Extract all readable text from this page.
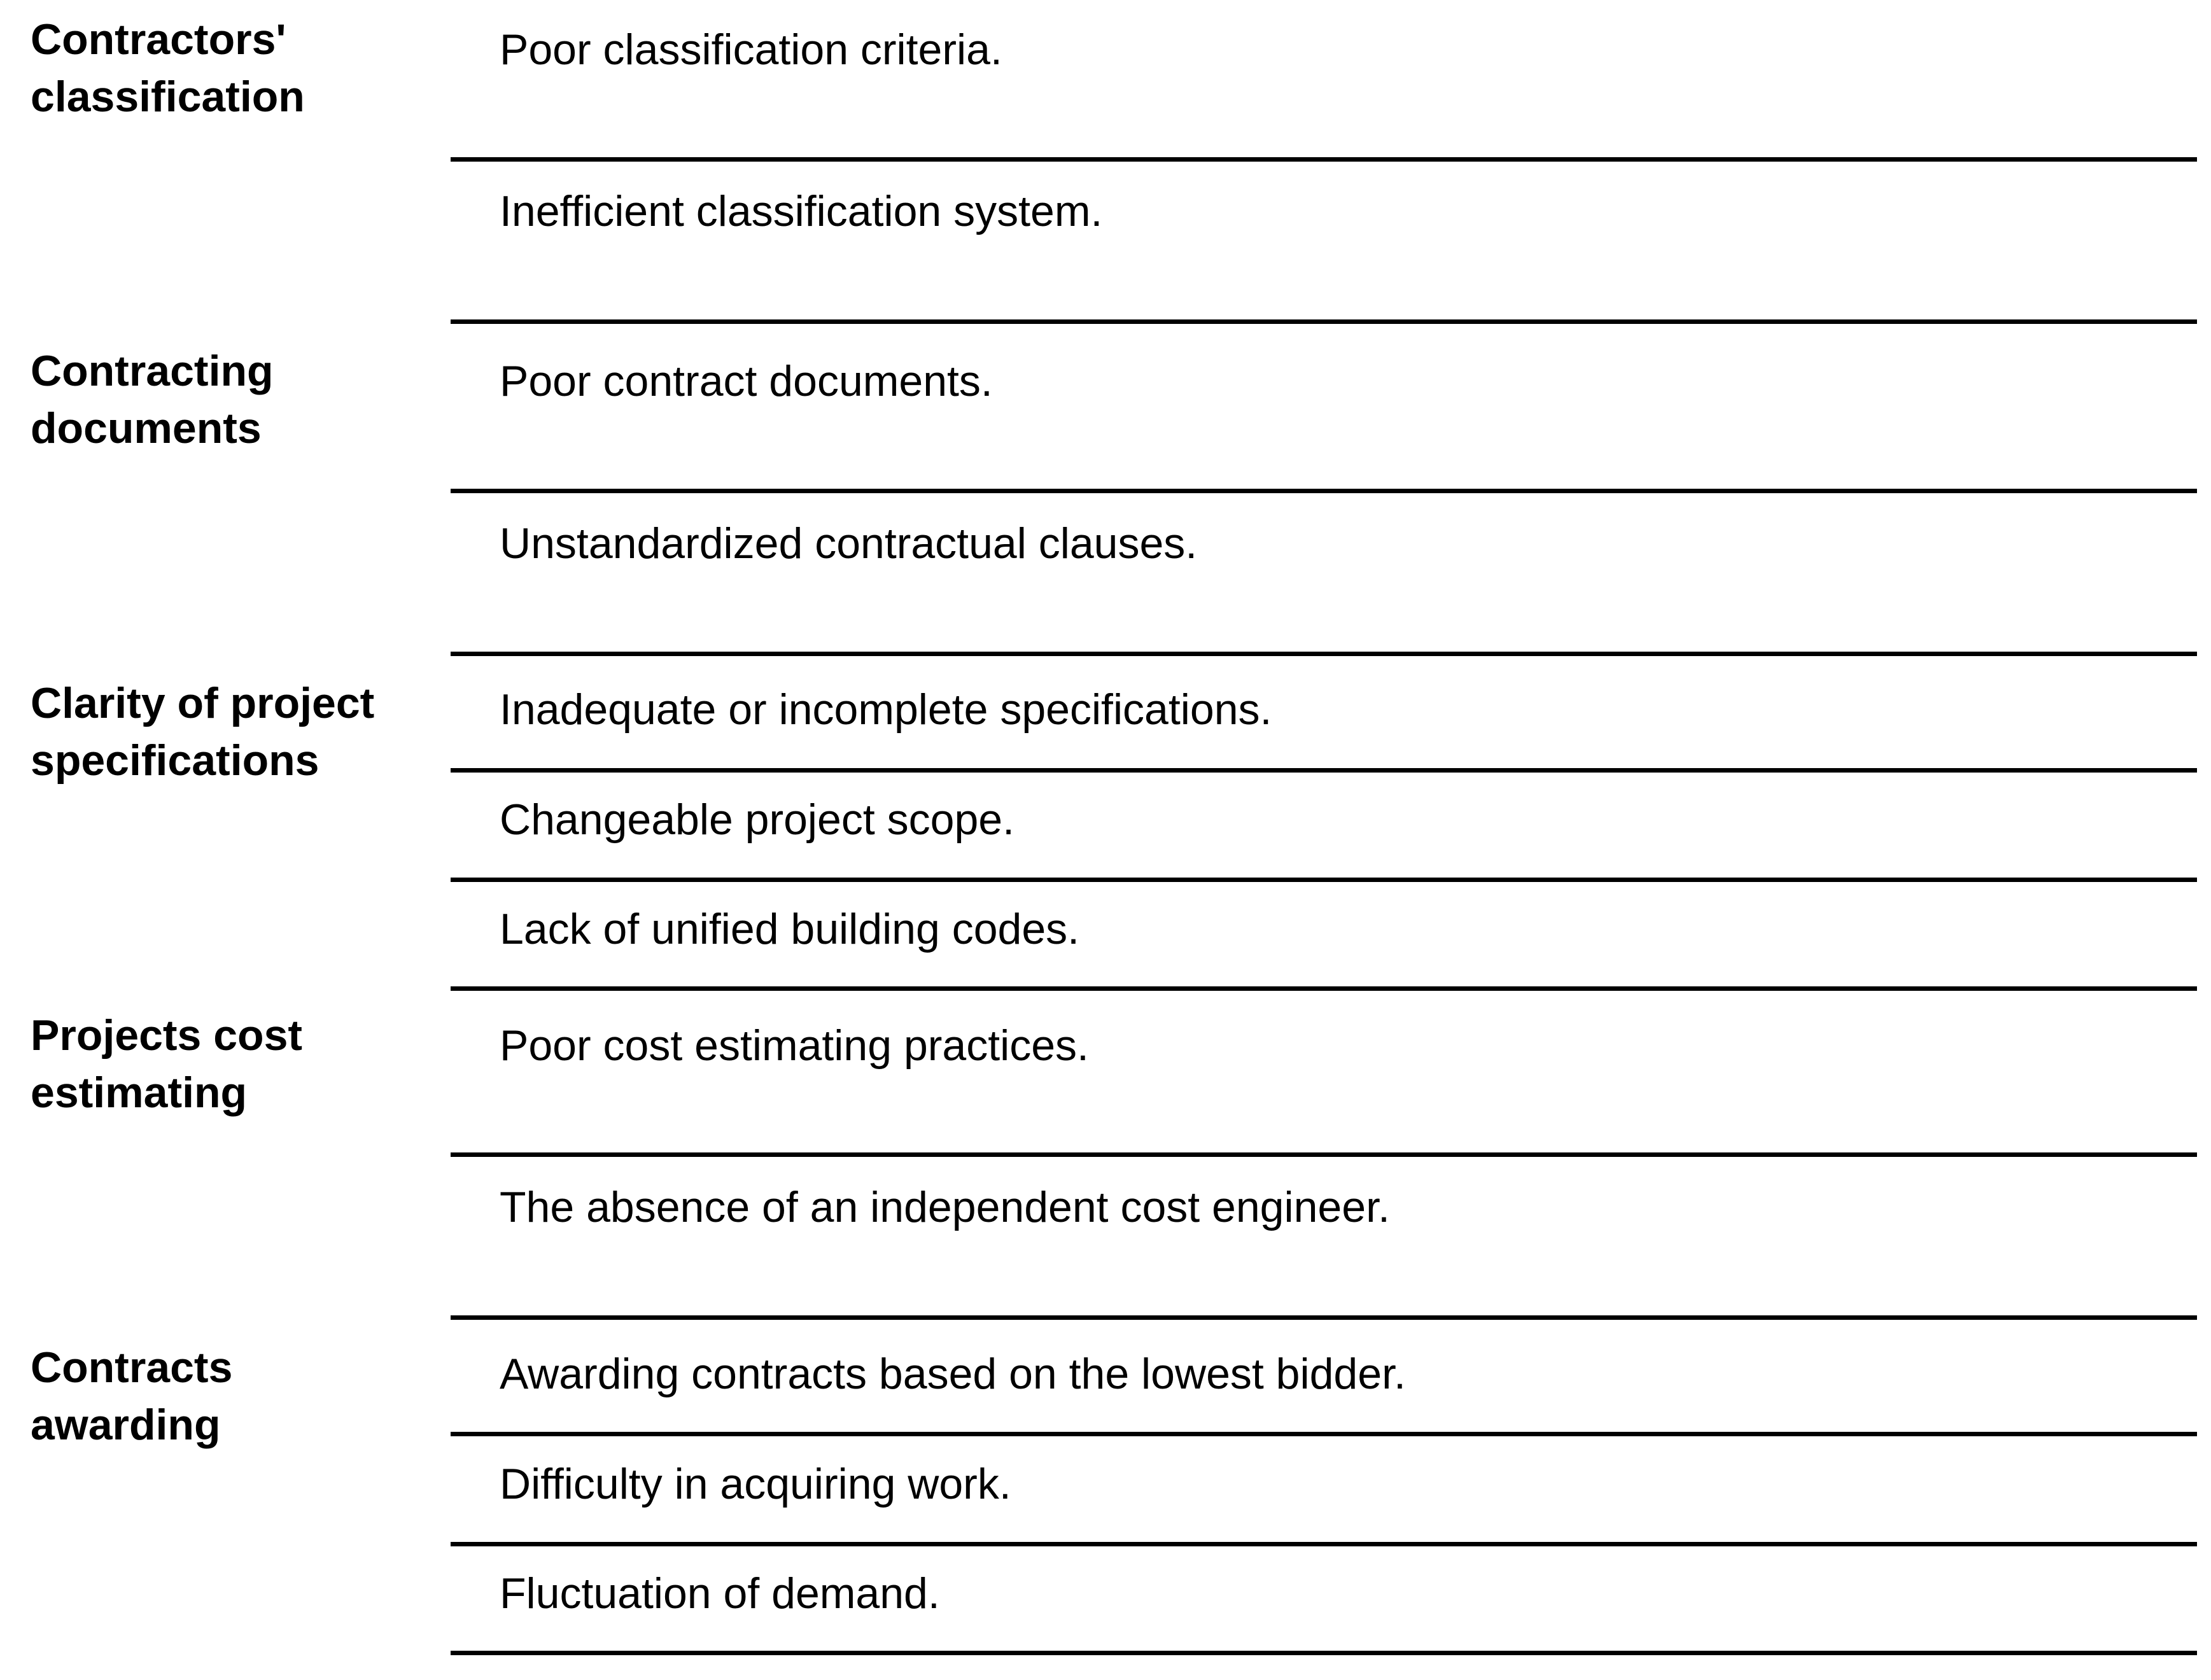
Contractors'
classification
Contracting
documents
Clarity of project
specifications
Projects cost
estimating
Contracts
awarding
Poor classification criteria.
Inefficient classification system.
Poor contract documents.
Unstandardized contractual clauses.
Inadequate or incomplete specifications.
Changeable project scope.
Lack of unified building codes.
Poor cost estimating practices.
The absence of an independent cost engineer.
Awarding contracts based on the lowest bidder.
Difficulty in acquiring work.
Fluctuation of demand.
